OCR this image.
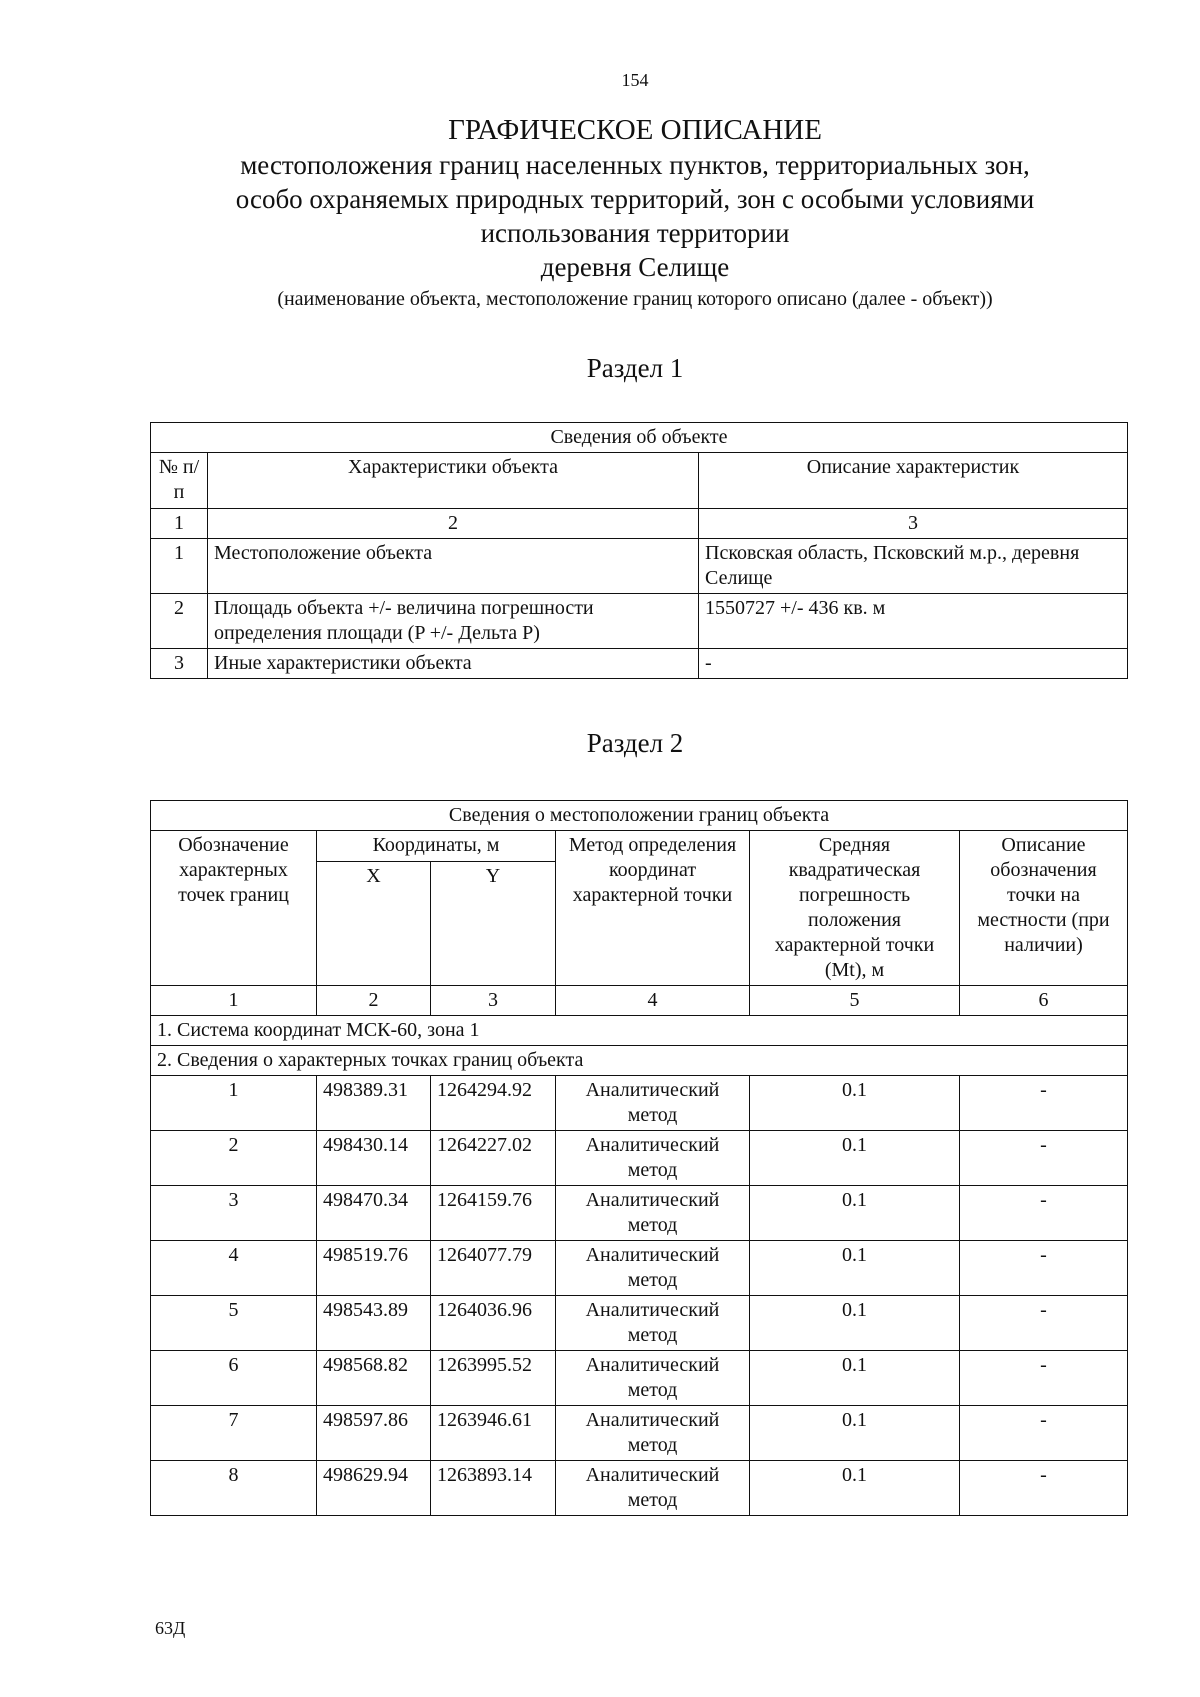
154
ГРАФИЧЕСКОЕ ОПИСАНИЕ
местоположения границ населенных пунктов, территориальных зон,
особо охраняемых природных территорий, зон с особыми условиями
использования территории
деревня Селище
(наименование объекта, местоположение границ которого описано (далее - объект))
Раздел 1
Сведения об объекте		
№ п/п	Характеристики объекта	Описание характеристик
1	2	3
1	Местоположение объекта	Псковская область, Псковский м.р., деревня Селище
2	Площадь объекта +/- величина погрешности определения площади (P +/- Дельта P)	1550727 +/- 436 кв. м
3	Иные характеристики объекта	-
Раздел 2
Сведения о местоположении границ объекта					
Обозначение характерных точек границ	Координаты, м		Метод определения координат характерной точки	Средняя квадратическая погрешность положения характерной точки (Mt), м	Описание обозначения точки на местности (при наличии)
	X	Y			
1	2	3	4	5	6
1. Система координат МСК-60, зона 1					
2. Сведения о характерных точках границ объекта					
1	498389.31	1264294.92	Аналитический метод	0.1	-
2	498430.14	1264227.02	Аналитический метод	0.1	-
3	498470.34	1264159.76	Аналитический метод	0.1	-
4	498519.76	1264077.79	Аналитический метод	0.1	-
5	498543.89	1264036.96	Аналитический метод	0.1	-
6	498568.82	1263995.52	Аналитический метод	0.1	-
7	498597.86	1263946.61	Аналитический метод	0.1	-
8	498629.94	1263893.14	Аналитический метод	0.1	-
63Д
